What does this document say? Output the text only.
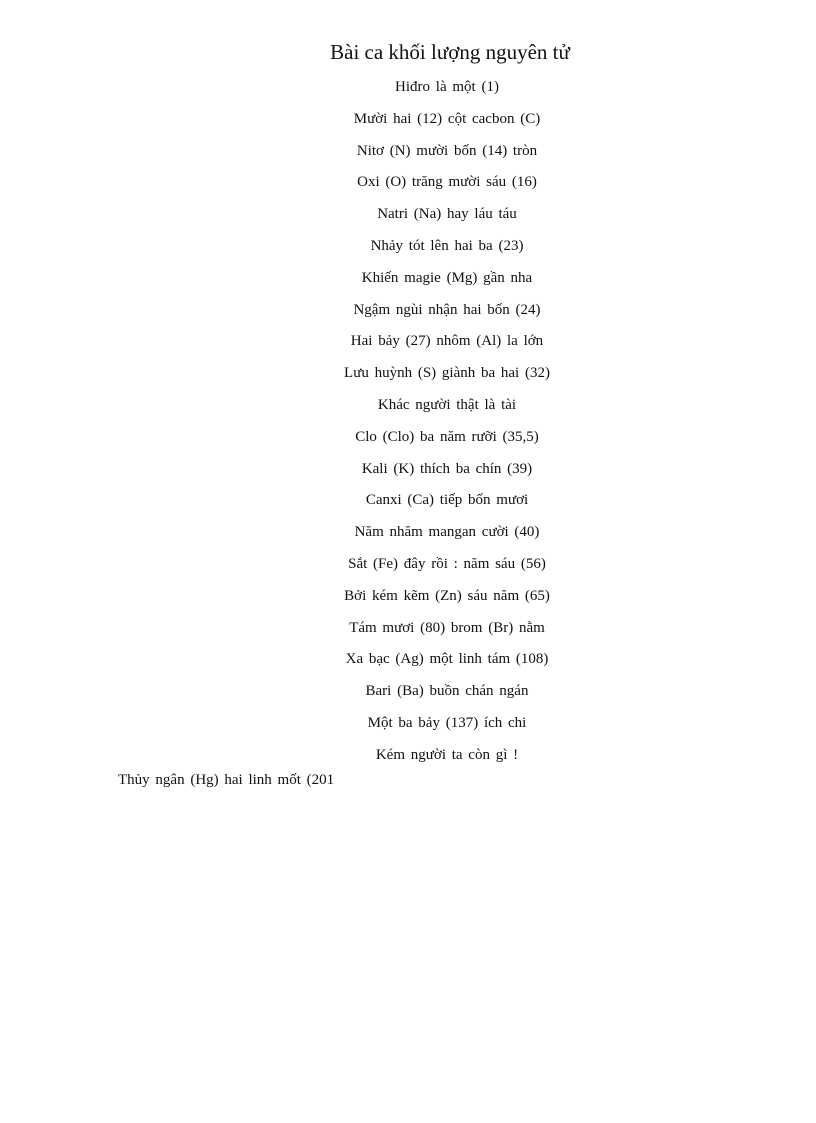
Bài ca khối lượng nguyên tử
Hiđro là một (1)
Mười hai (12) cột cacbon (C)
Nitơ (N) mười bốn (14) tròn
Oxi (O) trăng mười sáu (16)
Natri (Na) hay láu táu
Nhảy tót lên hai ba (23)
Khiến magie (Mg) gần nha
Ngậm ngùi nhận hai bốn (24)
Hai bảy (27) nhôm (Al) la lớn
Lưu huỳnh (S) giành ba hai (32)
Khác người thật là tài
Clo (Clo) ba năm rưỡi (35,5)
Kali (K) thích ba chín (39)
Canxi (Ca) tiếp bốn mươi
Năm nhăm mangan cười (40)
Sắt (Fe) đây rồi : năm sáu (56)
Bởi kém kẽm (Zn) sáu năm (65)
Tám mươi (80) brom (Br) nằm
Xa bạc (Ag) một linh tám (108)
Bari (Ba) buồn chán ngán
Một ba bảy (137) ích chi
Kém người ta còn gì !
Thủy ngân (Hg) hai linh mốt (201
